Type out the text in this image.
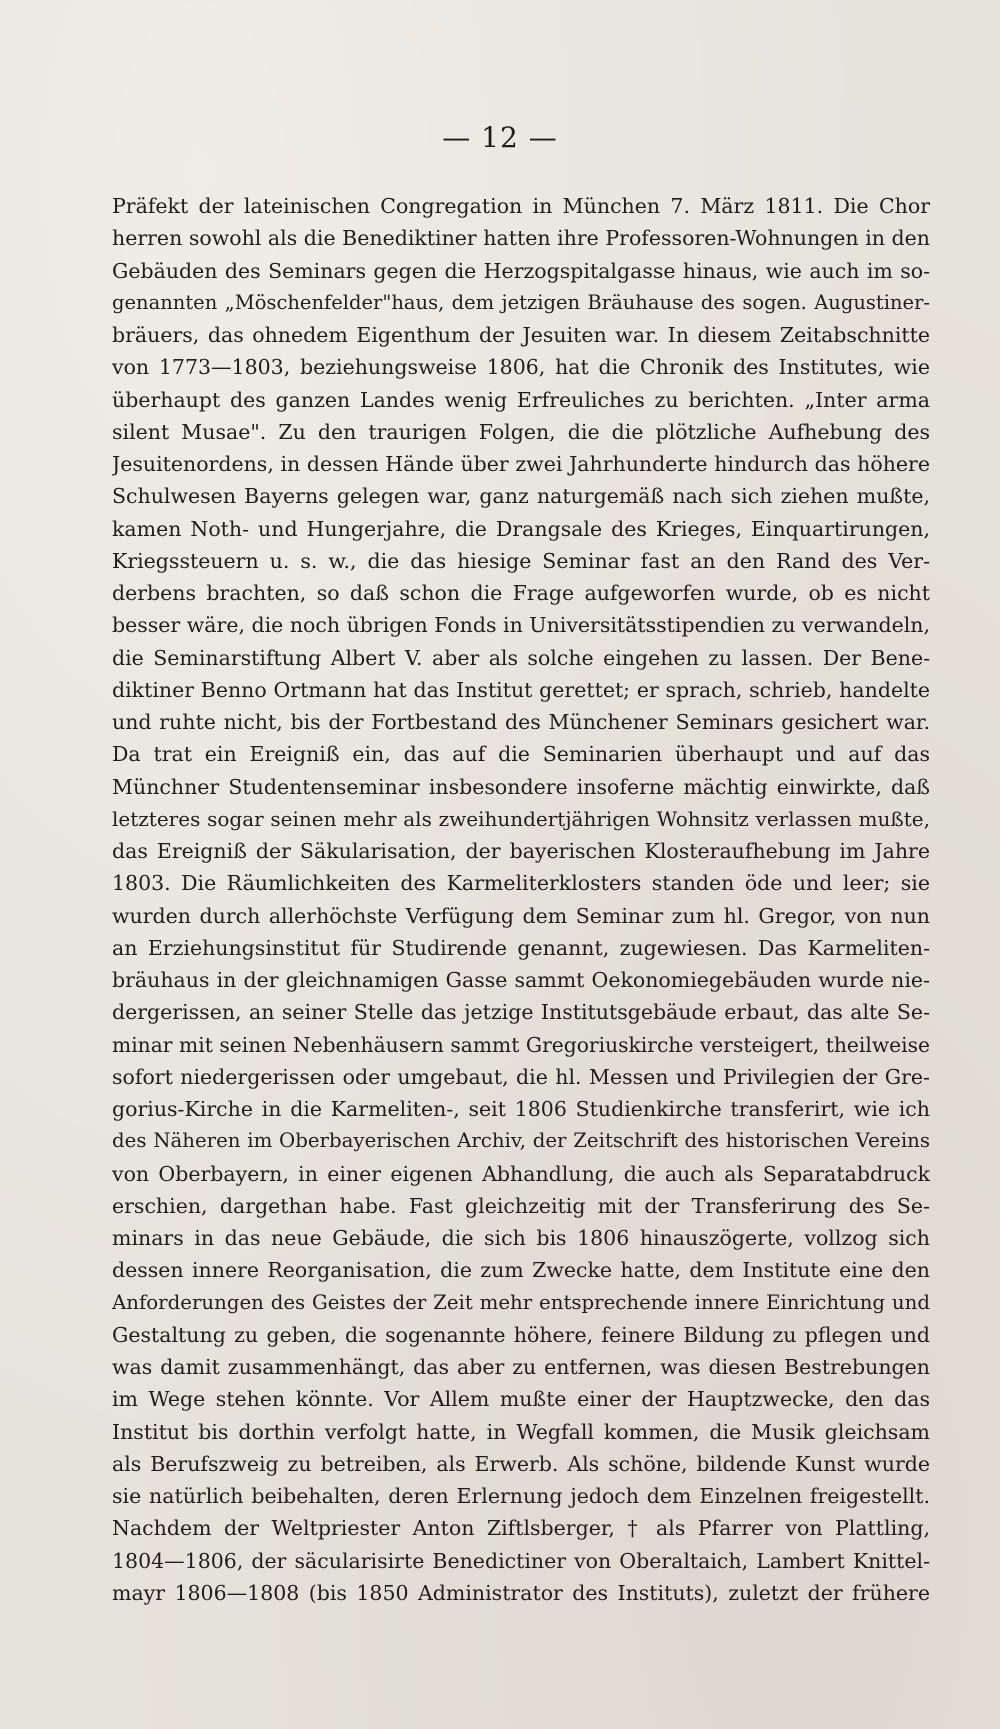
— 12 —
Präfekt der lateinischen Congregation in München 7. März 1811. Die Chor
herren sowohl als die Benediktiner hatten ihre Professoren-Wohnungen in den
Gebäuden des Seminars gegen die Herzogspitalgasse hinaus, wie auch im so-
genannten „Möschenfelder"haus, dem jetzigen Bräuhause des sogen. Augustiner-
bräuers, das ohnedem Eigenthum der Jesuiten war. In diesem Zeitabschnitte
von 1773—1803, beziehungsweise 1806, hat die Chronik des Institutes, wie
überhaupt des ganzen Landes wenig Erfreuliches zu berichten. „Inter arma
silent Musae". Zu den traurigen Folgen, die die plötzliche Aufhebung des
Jesuitenordens, in dessen Hände über zwei Jahrhunderte hindurch das höhere
Schulwesen Bayerns gelegen war, ganz naturgemäß nach sich ziehen mußte,
kamen Noth- und Hungerjahre, die Drangsale des Krieges, Einquartirungen,
Kriegssteuern u. s. w., die das hiesige Seminar fast an den Rand des Ver-
derbens brachten, so daß schon die Frage aufgeworfen wurde, ob es nicht
besser wäre, die noch übrigen Fonds in Universitätsstipendien zu verwandeln,
die Seminarstiftung Albert V. aber als solche eingehen zu lassen. Der Bene-
diktiner Benno Ortmann hat das Institut gerettet; er sprach, schrieb, handelte
und ruhte nicht, bis der Fortbestand des Münchener Seminars gesichert war.
Da trat ein Ereigniß ein, das auf die Seminarien überhaupt und auf das
Münchner Studentenseminar insbesondere insoferne mächtig einwirkte, daß
letzteres sogar seinen mehr als zweihundertjährigen Wohnsitz verlassen mußte,
das Ereigniß der Säkularisation, der bayerischen Klosteraufhebung im Jahre
1803. Die Räumlichkeiten des Karmeliterklosters standen öde und leer; sie
wurden durch allerhöchste Verfügung dem Seminar zum hl. Gregor, von nun
an Erziehungsinstitut für Studirende genannt, zugewiesen. Das Karmeliten-
bräuhaus in der gleichnamigen Gasse sammt Oekonomiegebäuden wurde nie-
dergerissen, an seiner Stelle das jetzige Institutsgebäude erbaut, das alte Se-
minar mit seinen Nebenhäusern sammt Gregoriuskirche versteigert, theilweise
sofort niedergerissen oder umgebaut, die hl. Messen und Privilegien der Gre-
gorius-Kirche in die Karmeliten-, seit 1806 Studienkirche transferirt, wie ich
des Näheren im Oberbayerischen Archiv, der Zeitschrift des historischen Vereins
von Oberbayern, in einer eigenen Abhandlung, die auch als Separatabdruck
erschien, dargethan habe. Fast gleichzeitig mit der Transferirung des Se-
minars in das neue Gebäude, die sich bis 1806 hinauszögerte, vollzog sich
dessen innere Reorganisation, die zum Zwecke hatte, dem Institute eine den
Anforderungen des Geistes der Zeit mehr entsprechende innere Einrichtung und
Gestaltung zu geben, die sogenannte höhere, feinere Bildung zu pflegen und
was damit zusammenhängt, das aber zu entfernen, was diesen Bestrebungen
im Wege stehen könnte. Vor Allem mußte einer der Hauptzwecke, den das
Institut bis dorthin verfolgt hatte, in Wegfall kommen, die Musik gleichsam
als Berufszweig zu betreiben, als Erwerb. Als schöne, bildende Kunst wurde
sie natürlich beibehalten, deren Erlernung jedoch dem Einzelnen freigestellt.
Nachdem der Weltpriester Anton Ziftlsberger, † als Pfarrer von Plattling,
1804—1806, der säcularisirte Benedictiner von Oberaltaich, Lambert Knittel-
mayr 1806—1808 (bis 1850 Administrator des Instituts), zuletzt der frühere
